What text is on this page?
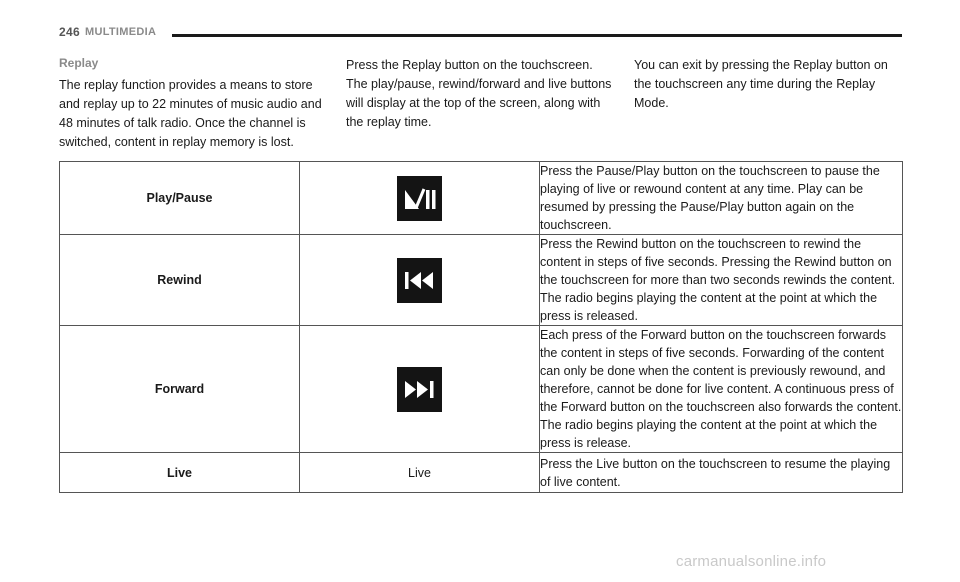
246 MULTIMEDIA
Replay

The replay function provides a means to store and replay up to 22 minutes of music audio and 48 minutes of talk radio. Once the channel is switched, content in replay memory is lost.

Press the Replay button on the touchscreen. The play/pause, rewind/forward and live buttons will display at the top of the screen, along with the replay time.

You can exit by pressing the Replay button on the touchscreen any time during the Replay Mode.

Play/Pause		Press the Pause/Play button on the touchscreen to pause the playing of live or rewound content at any time. Play can be resumed by pressing the Pause/Play button again on the touchscreen.
Rewind		Press the Rewind button on the touchscreen to rewind the content in steps of five seconds. Pressing the Rewind button on the touchscreen for more than two seconds rewinds the content. The radio begins playing the content at the point at which the press is released.
Forward		Each press of the Forward button on the touchscreen forwards the content in steps of five seconds. Forwarding of the content can only be done when the content is previously rewound, and therefore, cannot be done for live content. A continuous press of the Forward button on the touchscreen also forwards the content. The radio begins playing the content at the point at which the press is release.
Live	Live	Press the Live button on the touchscreen to resume the playing of live content.
carmanualsonline.info
